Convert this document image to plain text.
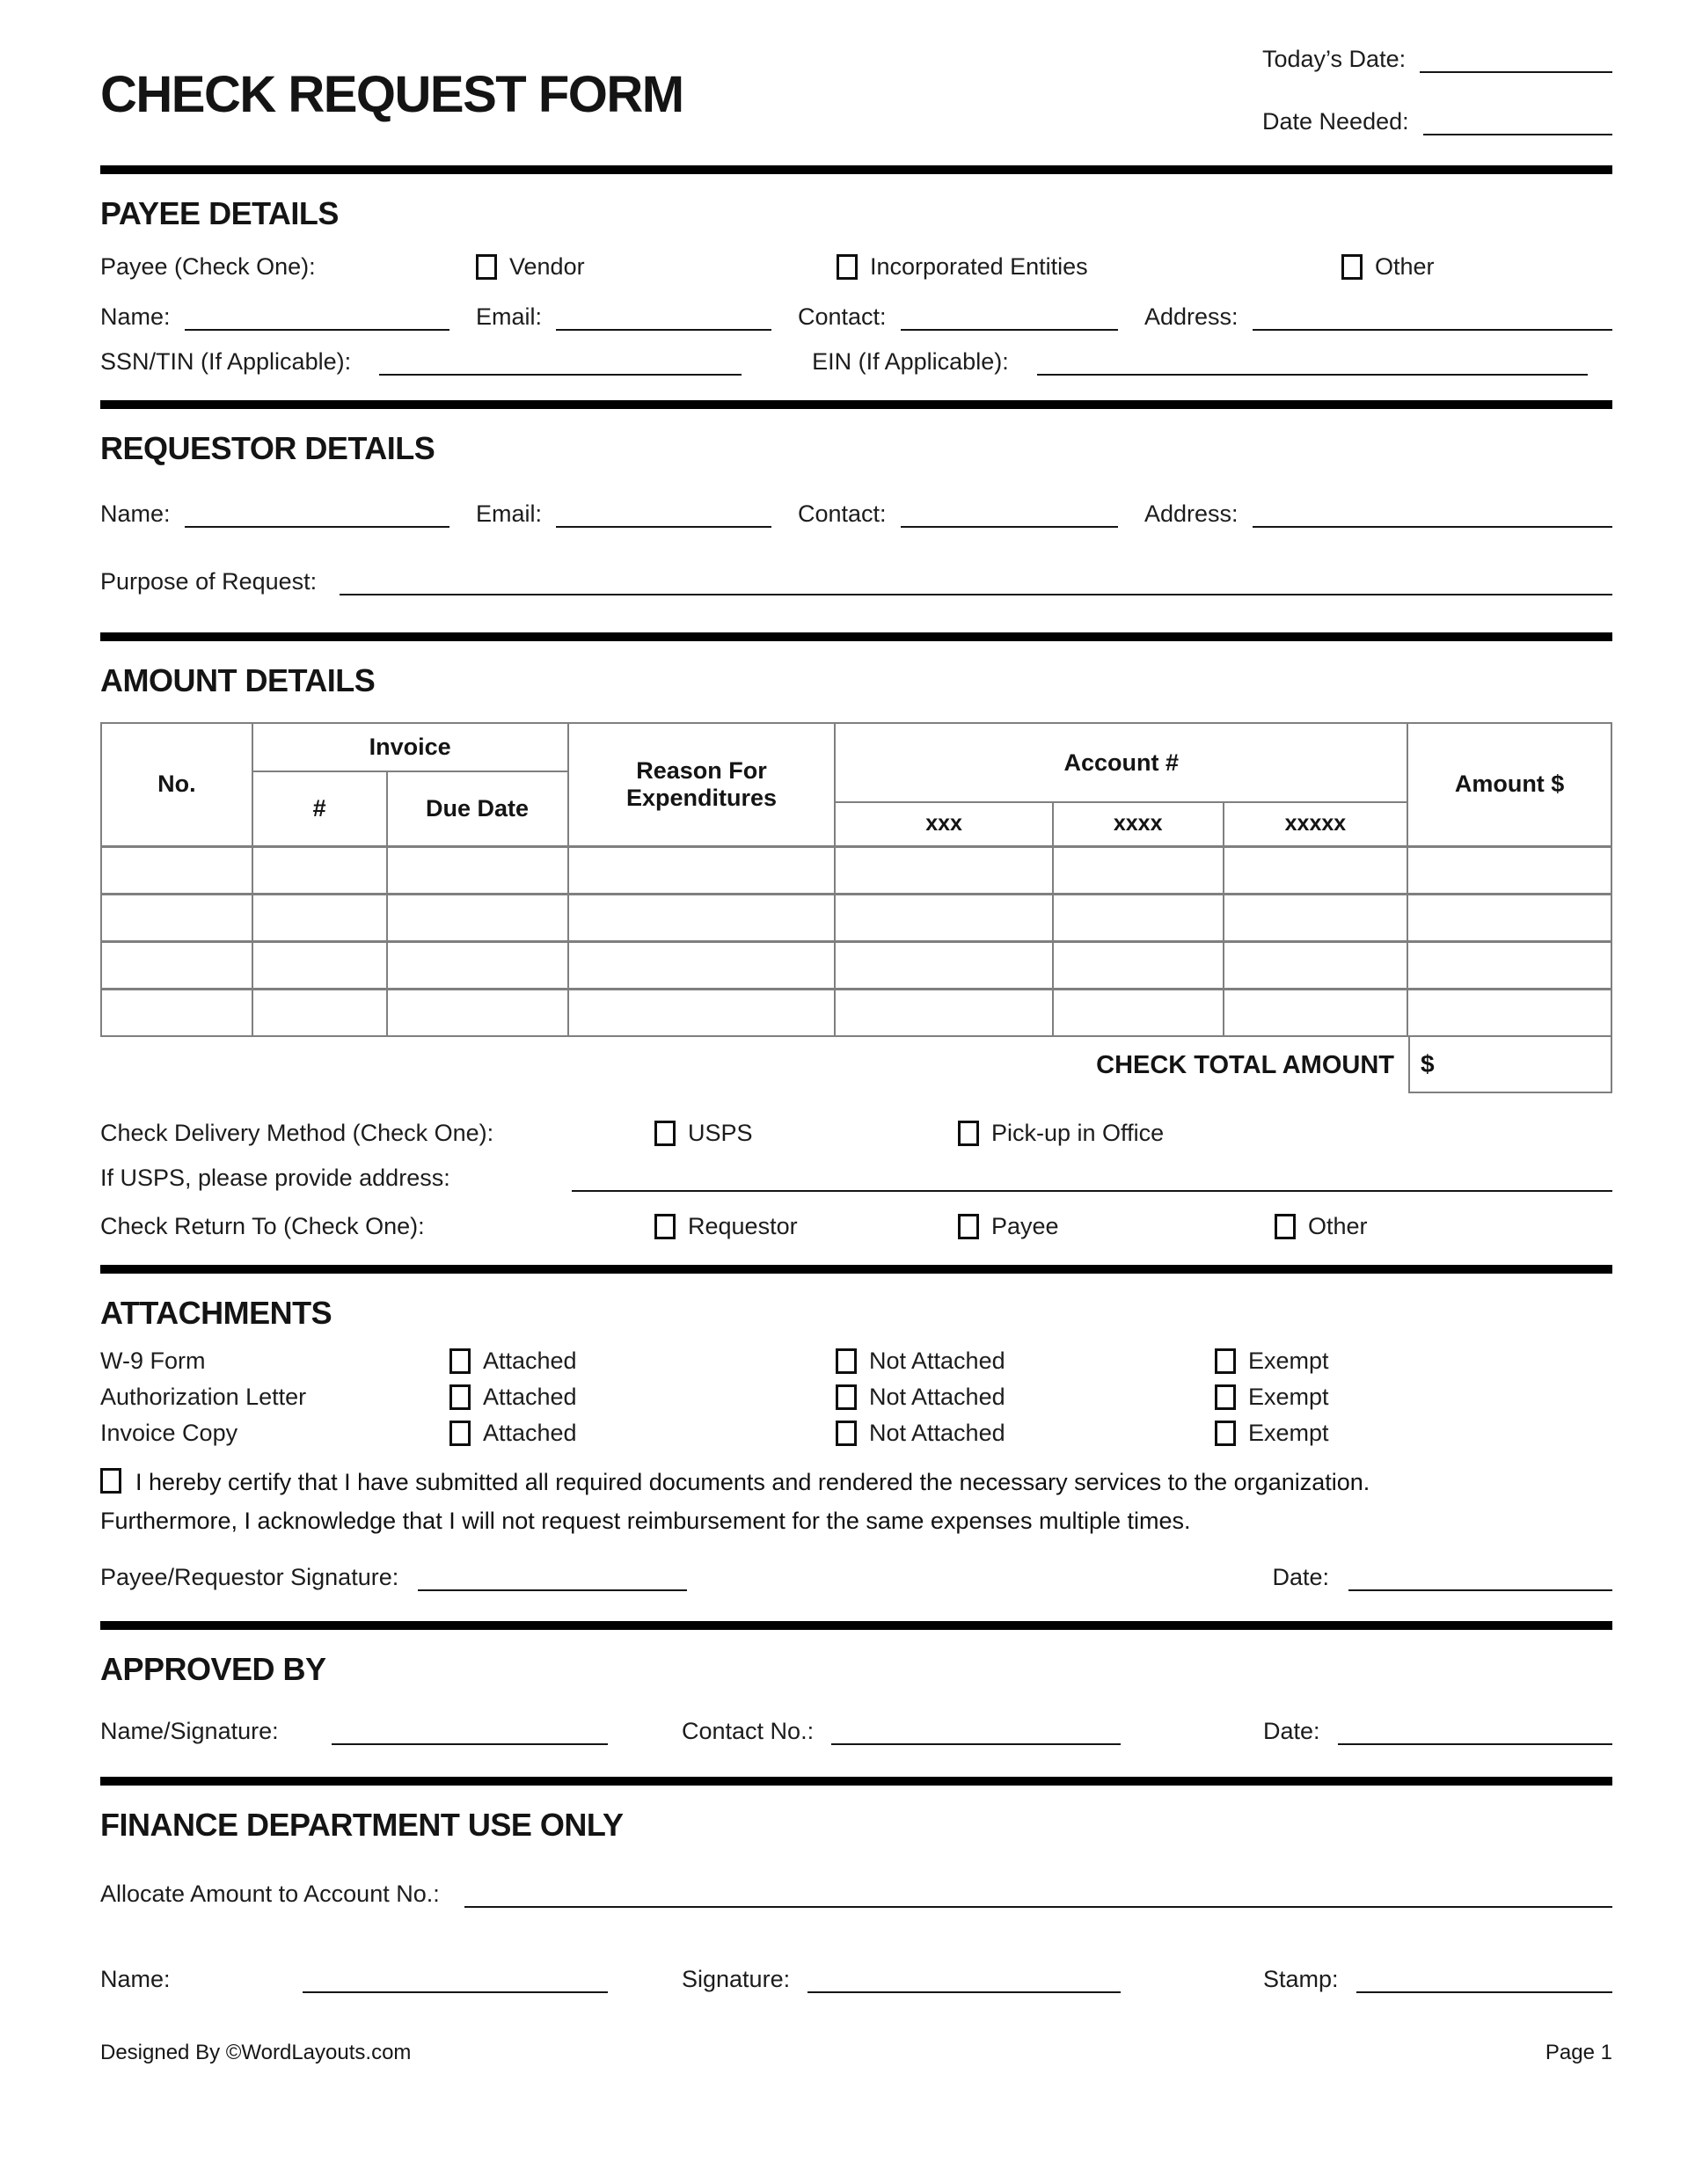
CHECK REQUEST FORM
Today’s Date:
Date Needed:
PAYEE DETAILS
Payee (Check One):	Vendor	Incorporated Entities	Other
Name:	Email:	Contact:	Address:
SSN/TIN (If Applicable):	EIN (If Applicable):
REQUESTOR DETAILS
Name:	Email:	Contact:	Address:
Purpose of Request:
AMOUNT DETAILS
No.	Invoice		Reason For Expenditures	Account #			Amount $
	#	Due Date					
				xxx	xxxx	xxxxx	

CHECK TOTAL AMOUNT $
Check Delivery Method (Check One):	USPS	Pick-up in Office
If USPS, please provide address:
Check Return To (Check One):	Requestor	Payee	Other
ATTACHMENTS
W-9 Form	Attached	Not Attached	Exempt
Authorization Letter	Attached	Not Attached	Exempt
Invoice Copy	Attached	Not Attached	Exempt
I hereby certify that I have submitted all required documents and rendered the necessary services to the organization.
Furthermore, I acknowledge that I will not request reimbursement for the same expenses multiple times.
Payee/Requestor Signature:	Date:
APPROVED BY
Name/Signature:	Contact No.:	Date:
FINANCE DEPARTMENT USE ONLY
Allocate Amount to Account No.:
Name:	Signature:	Stamp:
Designed By ©WordLayouts.com	Page 1
